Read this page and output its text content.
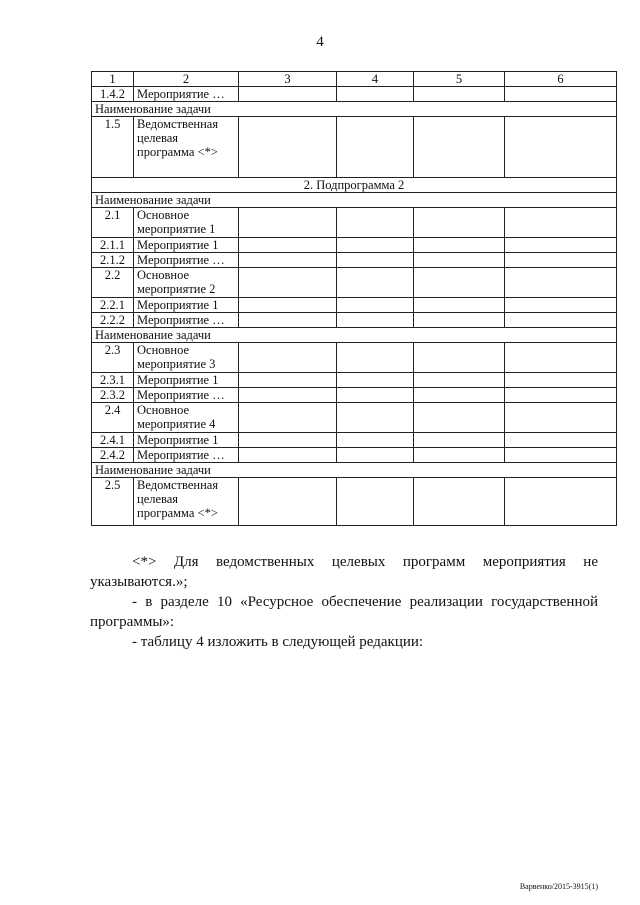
4
1	2	3	4	5	6
1.4.2	Мероприятие …				
Наименование задачи					
1.5	Ведомственная целевая программа <*>				
2. Подпрограмма 2					
Наименование задачи					
2.1	Основное мероприятие 1				
2.1.1	Мероприятие 1				
2.1.2	Мероприятие …				
2.2	Основное мероприятие 2				
2.2.1	Мероприятие 1				
2.2.2	Мероприятие …				
Наименование задачи					
2.3	Основное мероприятие 3				
2.3.1	Мероприятие 1				
2.3.2	Мероприятие …				
2.4	Основное мероприятие 4				
2.4.1	Мероприятие 1				
2.4.2	Мероприятие …				
Наименование задачи					
2.5	Ведомственная целевая программа <*>				
<*> Для ведомственных целевых программ мероприятия не
указываются.»;
- в разделе 10 «Ресурсное обеспечение реализации государственной
программы»:
- таблицу 4 изложить в следующей редакции:
Варвенко/2015-3915(1)
